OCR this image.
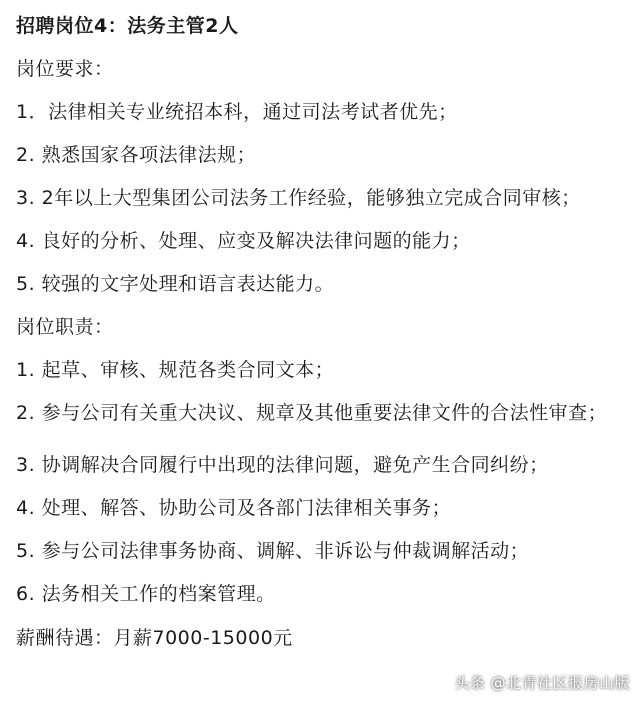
招聘岗位4：法务主管2人
岗位要求：
1．法律相关专业统招本科，通过司法考试者优先；
2. 熟悉国家各项法律法规；
3. 2年以上大型集团公司法务工作经验，能够独立完成合同审核；
4. 良好的分析、处理、应变及解决法律问题的能力；
5. 较强的文字处理和语言表达能力。
岗位职责：
1. 起草、审核、规范各类合同文本；
2. 参与公司有关重大决议、规章及其他重要法律文件的合法性审查；
3. 协调解决合同履行中出现的法律问题，避免产生合同纠纷；
4. 处理、解答、协助公司及各部门法律相关事务；
5. 参与公司法律事务协商、调解、非诉讼与仲裁调解活动；
6. 法务相关工作的档案管理。
薪酬待遇：月薪7000-15000元
头条 @北青社区报房山版
